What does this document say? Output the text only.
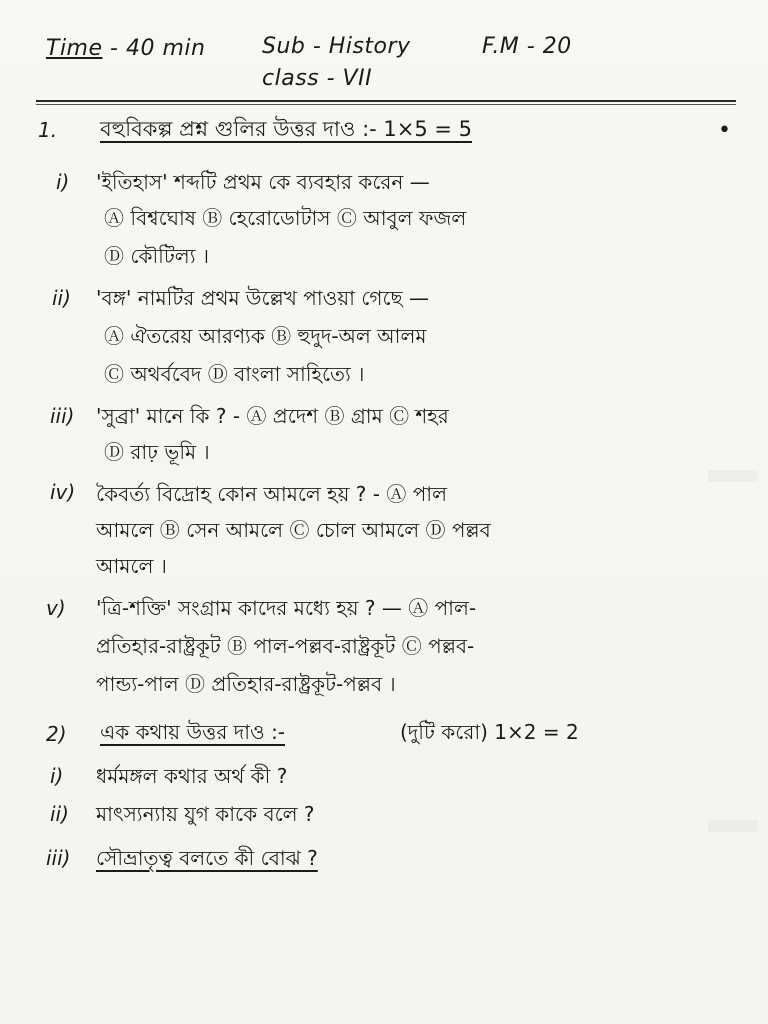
Time - 40 min	Sub - History	F.M - 20
class - VII
1. বহুবিকল্প প্রশ্ন গুলির উত্তর দাও :- 1×5 = 5	•
i) 'ইতিহাস' শব্দটি প্রথম কে ব্যবহার করেন —
Ⓐ বিশ্বঘোষ Ⓑ হেরোডোটাস Ⓒ আবুল ফজল
Ⓓ কৌটিল্য ।
ii) 'বঙ্গ' নামটির প্রথম উল্লেখ পাওয়া গেছে —
Ⓐ ঐতরেয় আরণ্যক Ⓑ হুদুদ-অল আলম
Ⓒ অথর্ববেদ Ⓓ বাংলা সাহিত্যে ।
iii) 'সুব্রা' মানে কি ? - Ⓐ প্রদেশ Ⓑ গ্রাম Ⓒ শহর
Ⓓ রাঢ় ভূমি ।
iv) কৈবর্ত্য বিদ্রোহ কোন আমলে হয় ? - Ⓐ পাল
আমলে Ⓑ সেন আমলে Ⓒ চোল আমলে Ⓓ পল্লব
আমলে ।
v) 'ত্রি-শক্তি' সংগ্রাম কাদের মধ্যে হয় ? — Ⓐ পাল-
প্রতিহার-রাষ্ট্রকূট Ⓑ পাল-পল্লব-রাষ্ট্রকূট Ⓒ পল্লব-
পান্ড্য-পাল Ⓓ প্রতিহার-রাষ্ট্রকূট-পল্লব ।
2) এক কথায় উত্তর দাও :-	(দুটি করো) 1×2 = 2
i) ধর্মমঙ্গল কথার অর্থ কী ?
ii) মাৎস্যন্যায় যুগ কাকে বলে ?
iii) সৌভ্রাতৃত্ব বলতে কী বোঝ ?
